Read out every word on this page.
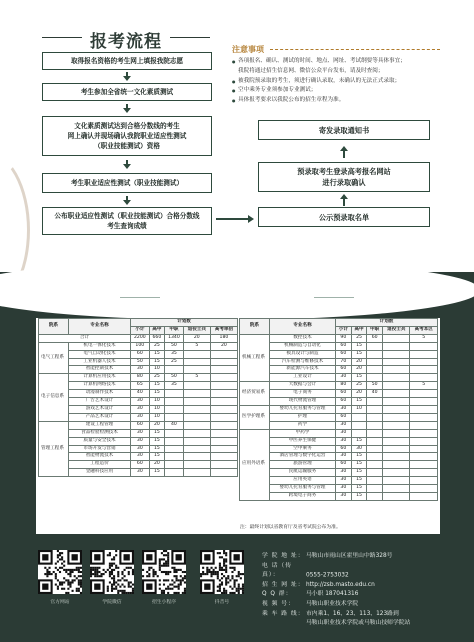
报考流程
取得报名资格的考生网上填报我院志愿
考生参加全省统一文化素质测试
文化素质测试达到合格分数线的考生
网上确认并现场确认我院职业适应性测试
（职业技能测试）资格
考生职业适应性测试（职业技能测试）
公布职业适应性测试（职业技能测试）合格分数线
考生查询成绩
注意事项
● 各项报名、确认、测试的时间、地点、网址、考试纲要等具体事宜；
我院将通过招生信息网、微信公众平台发布，请及时查阅；
● 被我院预录取的考生，须进行确认录取，未确认的无法正式录取；
● 空中乘务专业须参加专业测试；
● 具体报考要求以我院公布的招生章程为准。
寄发录取通知书
预录取考生登录高考报名网站
进行录取确认
公示预录取名单
招生专业计划
院系	专业名称	计划数				
		小计	高中	中职	退役士兵	高考单招
合计		2200	660	1340	20	180
电气工程系	机电一体化技术	100	25	50	5	20
	电气自动化技术	60	15	35		
	工业机器人技术	50	15	25		
	智能控制技术	30	10			
电子信息系	计算机应用技术	80	25	50	5	
	计算机网络技术	65	15	35		
	动漫制作技术	40	15			
	广告艺术设计	30	10			
	游戏艺术设计	30	10			
	产品艺术设计	30	10			
管理工程系	建设工程管理	60	20	40		
	食品检验检测技术	30	15			
	质量与安全技术	30	15			
	市场开发与营销	30	15			
	智能物流技术	30	15			
	工程造价	60	20			
	金融科技应用	30	15			
院系	专业名称	计划数				
		小计	高中	中职	退役士兵	高考本区
机械工程系	数控技术	90	25	60		5
	机械制造与自动化	60	15			
	模具设计与制造	60	15			
	汽车检测与维修技术	70	20			
	新能源汽车技术	60	20			
	工业设计	30	15			
经济贸易系	大数据与会计	80	25	50		5
	电子商务	60	20	40		
	现代物流管理	60	15			
医学护理系	婴幼儿托育服务与管理	30	10			
	护理	60				
	药学	30				
应用外语系	中药学	30				
	中医养生保健	30	15			
	空中乘务	60	30			
	酒店管理与数字化运营	30	15			
	旅游管理	60	15			
	民航运输服务	30	15			
	应用英语	30	15			
	婴幼儿托育服务与管理	30	15			
	跨境电子商务	30	15			
注：最终计划以省教育厅及省考试院公布为准。
官方网站	学院微信	招生小程序	抖音号
学 院 地 址：马鞍山市雨山区霍里山中路328号
电 话（传真）：	0555-2753032
招 生 网 址：http://zsb.masto.edu.cn
Q Q 群： 马小职 187041316
视 频 号： 马鞍山职业技术学院
乘 车 路 线：市内乘1、16、23、113、123路到
马鞍山职业技术学院或马鞍山技师学院站
